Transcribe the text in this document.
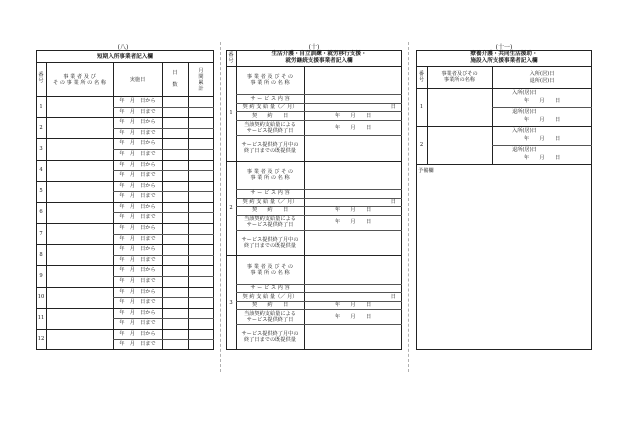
(八)
短期入所事業者記入欄
番
号
事 業 者 及 び
そ の 事 業 所 の 名 称	実施日
日

数
月
間
累
計
1
年　月　日から
年　月　日まで
2
年　月　日から
年　月　日まで
3
年　月　日から
年　月　日まで
4
年　月　日から
年　月　日まで
5
年　月　日から
年　月　日まで
6
年　月　日から
年　月　日まで
7
年　月　日から
年　月　日まで
8
年　月　日から
年　月　日まで
9
年　月　日から
年　月　日まで
10
年　月　日から
年　月　日まで
11
年　月　日から
年　月　日まで
12
年　月　日から
年　月　日まで
(十)
生活介護・自立訓練・就労移行支援・
就労継続支援事業者記入欄
番
号
1
事 業 者 及 び そ の
事 業 所 の 名 称
サ ー ビ ス 内 容
契 約 支 給 量（／ 月）	日
契　　約　　日	年　　月　　日
当該契約支給量による
サービス提供終了日	年　　月　　日
サービス提供終了月中の
終了日までの既提供量
2
事 業 者 及 び そ の
事 業 所 の 名 称
サ ー ビ ス 内 容
契 約 支 給 量（／ 月）	日
契　　約　　日	年　　月　　日
当該契約支給量による
サービス提供終了日	年　　月　　日
サービス提供終了月中の
終了日までの既提供量
3
事 業 者 及 び そ の
事 業 所 の 名 称
サ ー ビ ス 内 容
契 約 支 給 量（／ 月）	日
契　　約　　日	年　　月　　日
当該契約支給量による
サービス提供終了日	年　　月　　日
サービス提供終了月中の
終了日までの既提供量
(十一)
療養介護・共同生活援助・
施設入所支援事業者記入欄
番
号
事業者及びその
事業所の名称
入所(居)日
退所(居)日
1
入所(居)日
年　　月　　日
退所(居)日
年　　月　　日
2
入所(居)日
年　　月　　日
退所(居)日
年　　月　　日
予備欄
